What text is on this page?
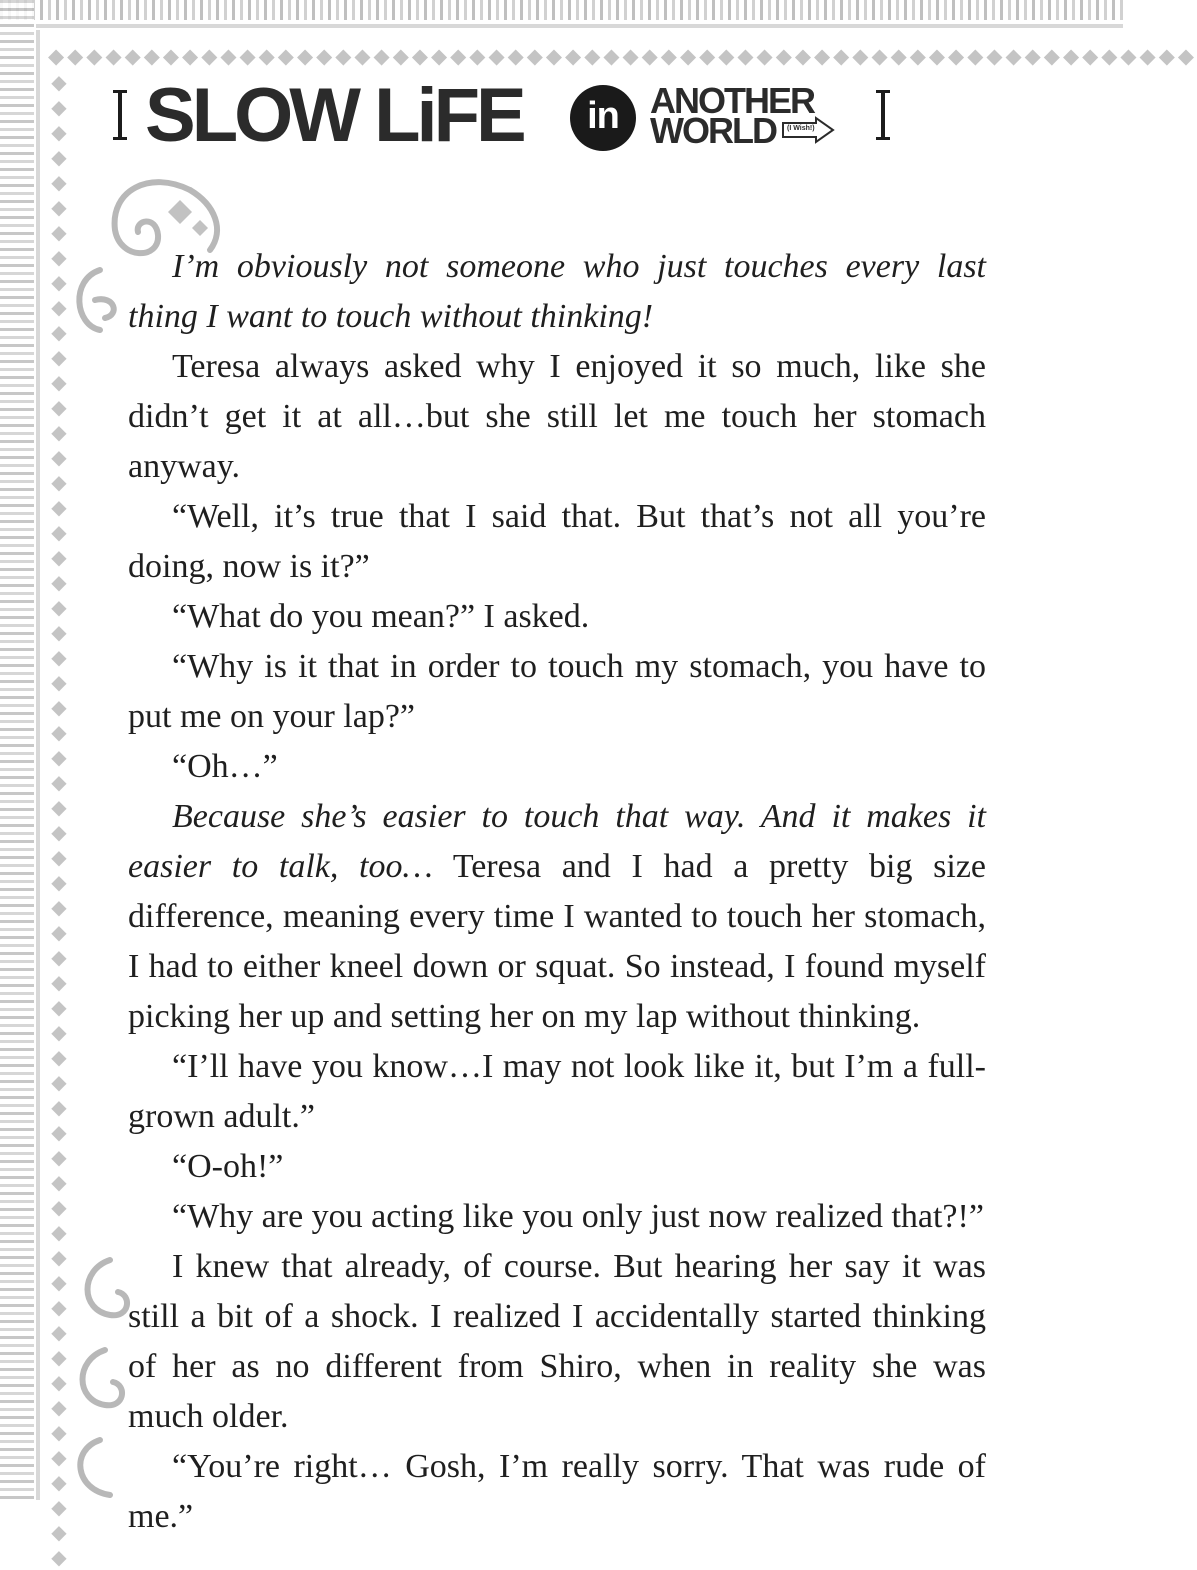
◆◆◆◆◆◆◆◆◆◆◆◆◆◆◆◆◆◆◆◆◆◆◆◆◆◆◆◆◆◆◆◆◆◆◆◆◆◆◆◆◆◆◆◆◆◆◆◆◆◆◆◆◆◆◆◆◆◆◆◆
◆
◆
◆
◆
◆
◆
◆
◆
◆
◆
◆
◆
◆
◆
◆
◆
◆
◆
◆
◆
◆
◆
◆
◆
◆
◆
◆
◆
◆
◆
◆
◆
◆
◆
◆
◆
◆
◆
◆
◆
◆
◆
◆
◆
◆
◆
◆
◆
◆
◆
◆
◆
◆
◆
◆
◆
◆
◆
◆
◆

SLOW LiFE	in ANOTHER
WORLD (I Wish!)

I’m obviously not someone who just touches every last thing I want to touch without thinking!

Teresa always asked why I enjoyed it so much, like she didn’t get it at all…but she still let me touch her stomach anyway.

“Well, it’s true that I said that. But that’s not all you’re doing, now is it?”

“What do you mean?” I asked.

“Why is it that in order to touch my stomach, you have to put me on your lap?”

“Oh…”

Because she’s easier to touch that way. And it makes it easier to talk, too… Teresa and I had a pretty big size difference, meaning every time I wanted to touch her stomach, I had to either kneel down or squat. So instead, I found myself picking her up and setting her on my lap without thinking.

“I’ll have you know…I may not look like it, but I’m a full-grown adult.”

“O-oh!”

“Why are you acting like you only just now realized that?!”

I knew that already, of course. But hearing her say it was still a bit of a shock. I realized I accidentally started thinking of her as no different from Shiro, when in reality she was much older.

“You’re right… Gosh, I’m really sorry. That was rude of me.”
